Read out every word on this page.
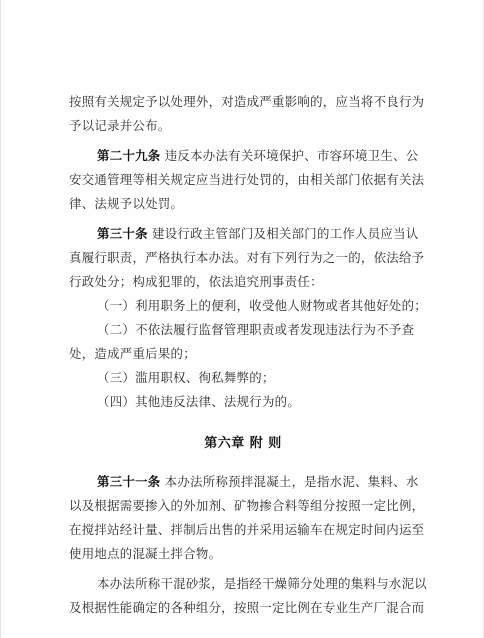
按照有关规定予以处理外，对造成严重影响的，应当将不良行为
予以记录并公布。
第二十九条 违反本办法有关环境保护、市容环境卫生、公
安交通管理等相关规定应当进行处罚的，由相关部门依据有关法
律、法规予以处罚。
第三十条 建设行政主管部门及相关部门的工作人员应当认
真履行职责，严格执行本办法。对有下列行为之一的，依法给予
行政处分；构成犯罪的，依法追究刑事责任：
（一）利用职务上的便利，收受他人财物或者其他好处的；
（二）不依法履行监督管理职责或者发现违法行为不予查
处，造成严重后果的；
（三）滥用职权、徇私舞弊的；
（四）其他违反法律、法规行为的。
第六章 附 则
第三十一条 本办法所称预拌混凝土，是指水泥、集料、水
以及根据需要掺入的外加剂、矿物掺合料等组分按照一定比例，
在搅拌站经计量、拌制后出售的并采用运输车在规定时间内运至
使用地点的混凝土拌合物。
本办法所称干混砂浆，是指经干燥筛分处理的集料与水泥以
及根据性能确定的各种组分，按照一定比例在专业生产厂混合而
